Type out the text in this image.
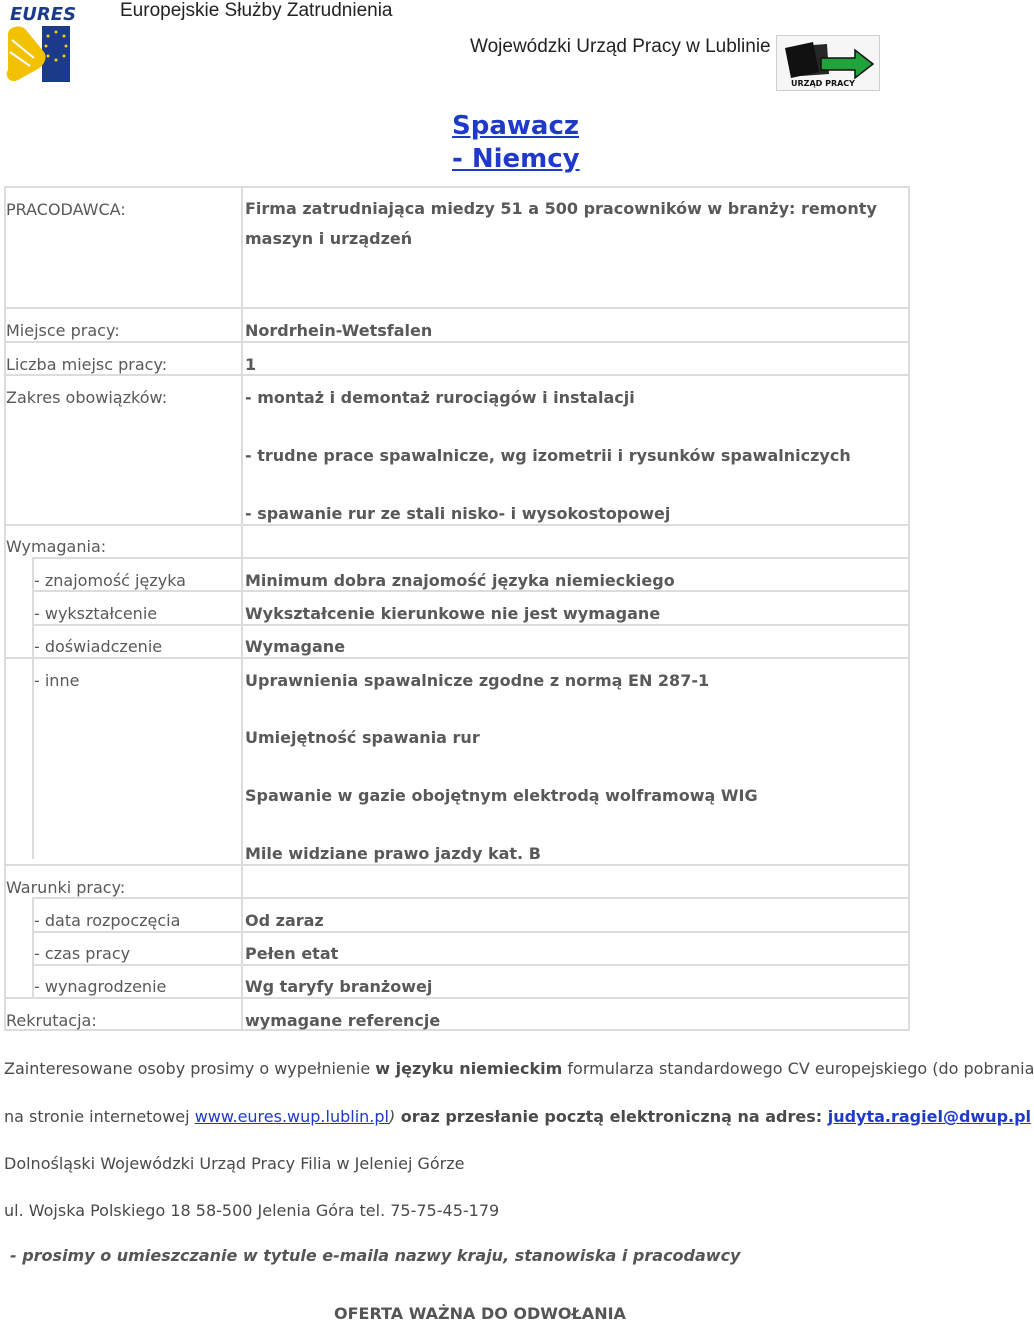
EURES Europejskie Służby Zatrudnienia
Wojewódzki Urząd Pracy w Lublinie
URZĄD PRACY
Spawacz
- Niemcy
PRACODAWCA:	Firma zatrudniająca miedzy 51 a 500 pracowników w branży: remonty maszyn i urządzeń
Miejsce pracy:	Nordrhein-Wetsfalen
Liczba miejsc pracy:	1
Zakres obowiązków:	- montaż i demontaż rurociągów i instalacji
- trudne prace spawalnicze, wg izometrii i rysunków spawalniczych
- spawanie rur ze stali nisko- i wysokostopowej
Wymagania:
- znajomość języka	Minimum dobra znajomość języka niemieckiego
- wykształcenie	Wykształcenie kierunkowe nie jest wymagane
- doświadczenie	Wymagane
- inne	Uprawnienia spawalnicze zgodne z normą EN 287-1
Umiejętność spawania rur
Spawanie w gazie obojętnym elektrodą wolframową WIG
Mile widziane prawo jazdy kat. B
Warunki pracy:
- data rozpoczęcia	Od zaraz
- czas pracy	Pełen etat
- wynagrodzenie	Wg taryfy branżowej
Rekrutacja:	wymagane referencje
Zainteresowane osoby prosimy o wypełnienie w języku niemieckim formularza standardowego CV europejskiego (do pobrania
na stronie internetowej www.eures.wup.lublin.pl) oraz przesłanie pocztą elektroniczną na adres: judyta.ragiel@dwup.pl
Dolnośląski Wojewódzki Urząd Pracy Filia w Jeleniej Górze
ul. Wojska Polskiego 18 58-500 Jelenia Góra tel. 75-75-45-179
- prosimy o umieszczanie w tytule e-maila nazwy kraju, stanowiska i pracodawcy
OFERTA WAŻNA DO ODWOŁANIA
